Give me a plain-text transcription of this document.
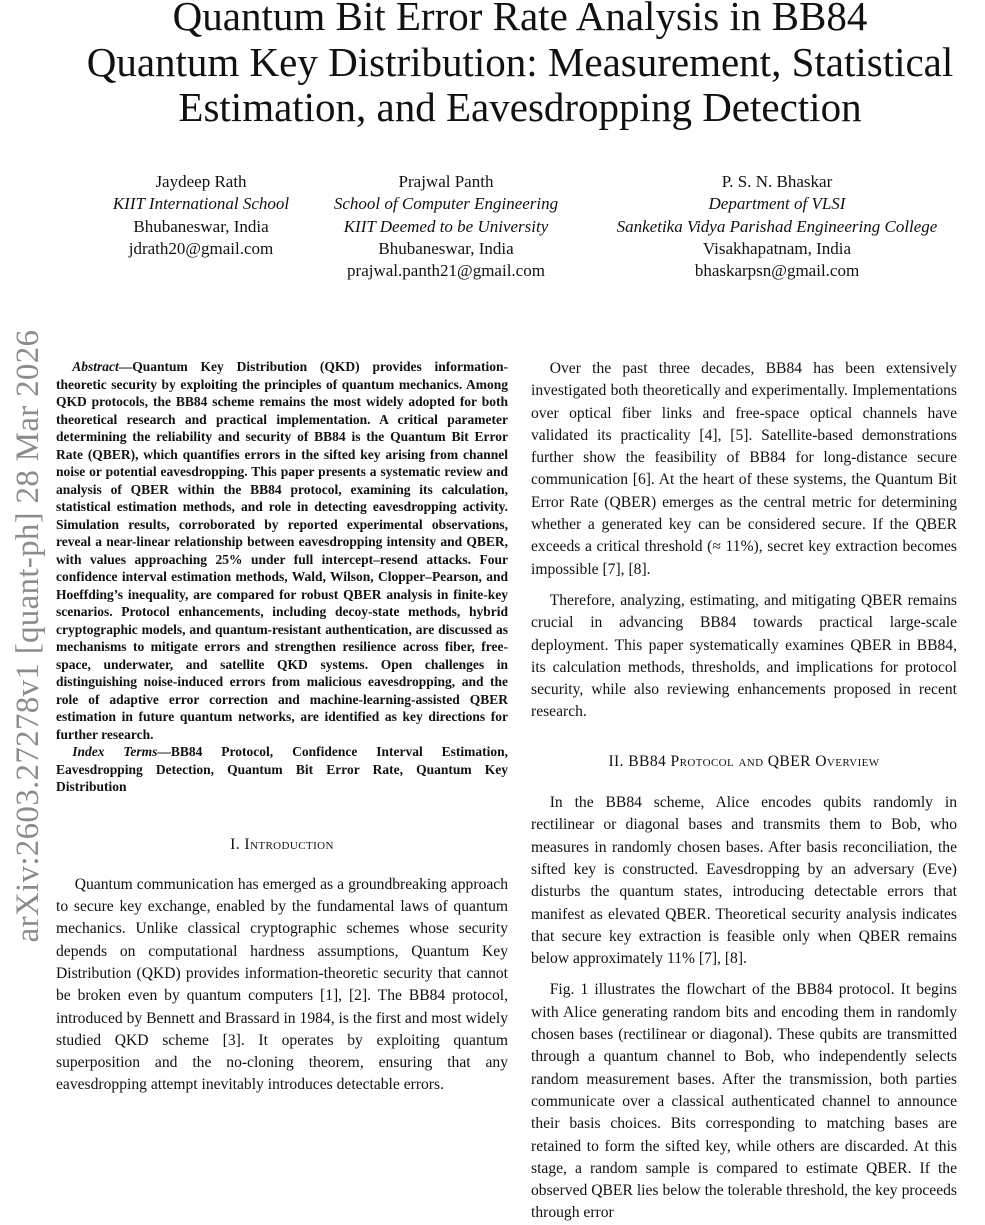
arXiv:2603.27278v1 [quant-ph] 28 Mar 2026
Quantum Bit Error Rate Analysis in BB84
Quantum Key Distribution: Measurement, Statistical
Estimation, and Eavesdropping Detection
Jaydeep Rath
KIIT International School
Bhubaneswar, India
jdrath20@gmail.com
Prajwal Panth
School of Computer Engineering
KIIT Deemed to be University
Bhubaneswar, India
prajwal.panth21@gmail.com
P. S. N. Bhaskar
Department of VLSI
Sanketika Vidya Parishad Engineering College
Visakhapatnam, India
bhaskarpsn@gmail.com

Abstract—Quantum Key Distribution (QKD) provides information-theoretic security by exploiting the principles of quantum mechanics. Among QKD protocols, the BB84 scheme remains the most widely adopted for both theoretical research and practical implementation. A critical parameter determining the reliability and security of BB84 is the Quantum Bit Error Rate (QBER), which quantifies errors in the sifted key arising from channel noise or potential eavesdropping. This paper presents a systematic review and analysis of QBER within the BB84 protocol, examining its calculation, statistical estimation methods, and role in detecting eavesdropping activity. Simulation results, corroborated by reported experimental observations, reveal a near-linear relationship between eavesdropping intensity and QBER, with values approaching 25% under full intercept–resend attacks. Four confidence interval estimation methods, Wald, Wilson, Clopper–Pearson, and Hoeffding’s inequality, are compared for robust QBER analysis in finite-key scenarios. Protocol enhancements, including decoy-state methods, hybrid cryptographic models, and quantum-resistant authentication, are discussed as mechanisms to mitigate errors and strengthen resilience across fiber, free-space, underwater, and satellite QKD systems. Open challenges in distinguishing noise-induced errors from malicious eavesdropping, and the role of adaptive error correction and machine-learning-assisted QBER estimation in future quantum networks, are identified as key directions for further research.

Index Terms—BB84 Protocol, Confidence Interval Estimation, Eavesdropping Detection, Quantum Bit Error Rate, Quantum Key Distribution

I. Introduction

Quantum communication has emerged as a groundbreaking approach to secure key exchange, enabled by the fundamental laws of quantum mechanics. Unlike classical cryptographic schemes whose security depends on computational hardness assumptions, Quantum Key Distribution (QKD) provides information-theoretic security that cannot be broken even by quantum computers [1], [2]. The BB84 protocol, introduced by Bennett and Brassard in 1984, is the first and most widely studied QKD scheme [3]. It operates by exploiting quantum superposition and the no-cloning theorem, ensuring that any eavesdropping attempt inevitably introduces detectable errors.

Over the past three decades, BB84 has been extensively investigated both theoretically and experimentally. Implementations over optical fiber links and free-space optical channels have validated its practicality [4], [5]. Satellite-based demonstrations further show the feasibility of BB84 for long-distance secure communication [6]. At the heart of these systems, the Quantum Bit Error Rate (QBER) emerges as the central metric for determining whether a generated key can be considered secure. If the QBER exceeds a critical threshold (≈ 11%), secret key extraction becomes impossible [7], [8].

Therefore, analyzing, estimating, and mitigating QBER remains crucial in advancing BB84 towards practical large-scale deployment. This paper systematically examines QBER in BB84, its calculation methods, thresholds, and implications for protocol security, while also reviewing enhancements proposed in recent research.

II. BB84 Protocol and QBER Overview

In the BB84 scheme, Alice encodes qubits randomly in rectilinear or diagonal bases and transmits them to Bob, who measures in randomly chosen bases. After basis reconciliation, the sifted key is constructed. Eavesdropping by an adversary (Eve) disturbs the quantum states, introducing detectable errors that manifest as elevated QBER. Theoretical security analysis indicates that secure key extraction is feasible only when QBER remains below approximately 11% [7], [8].

Fig. 1 illustrates the flowchart of the BB84 protocol. It begins with Alice generating random bits and encoding them in randomly chosen bases (rectilinear or diagonal). These qubits are transmitted through a quantum channel to Bob, who independently selects random measurement bases. After the transmission, both parties communicate over a classical authenticated channel to announce their basis choices. Bits corresponding to matching bases are retained to form the sifted key, while others are discarded. At this stage, a random sample is compared to estimate QBER. If the observed QBER lies below the tolerable threshold, the key proceeds through error
